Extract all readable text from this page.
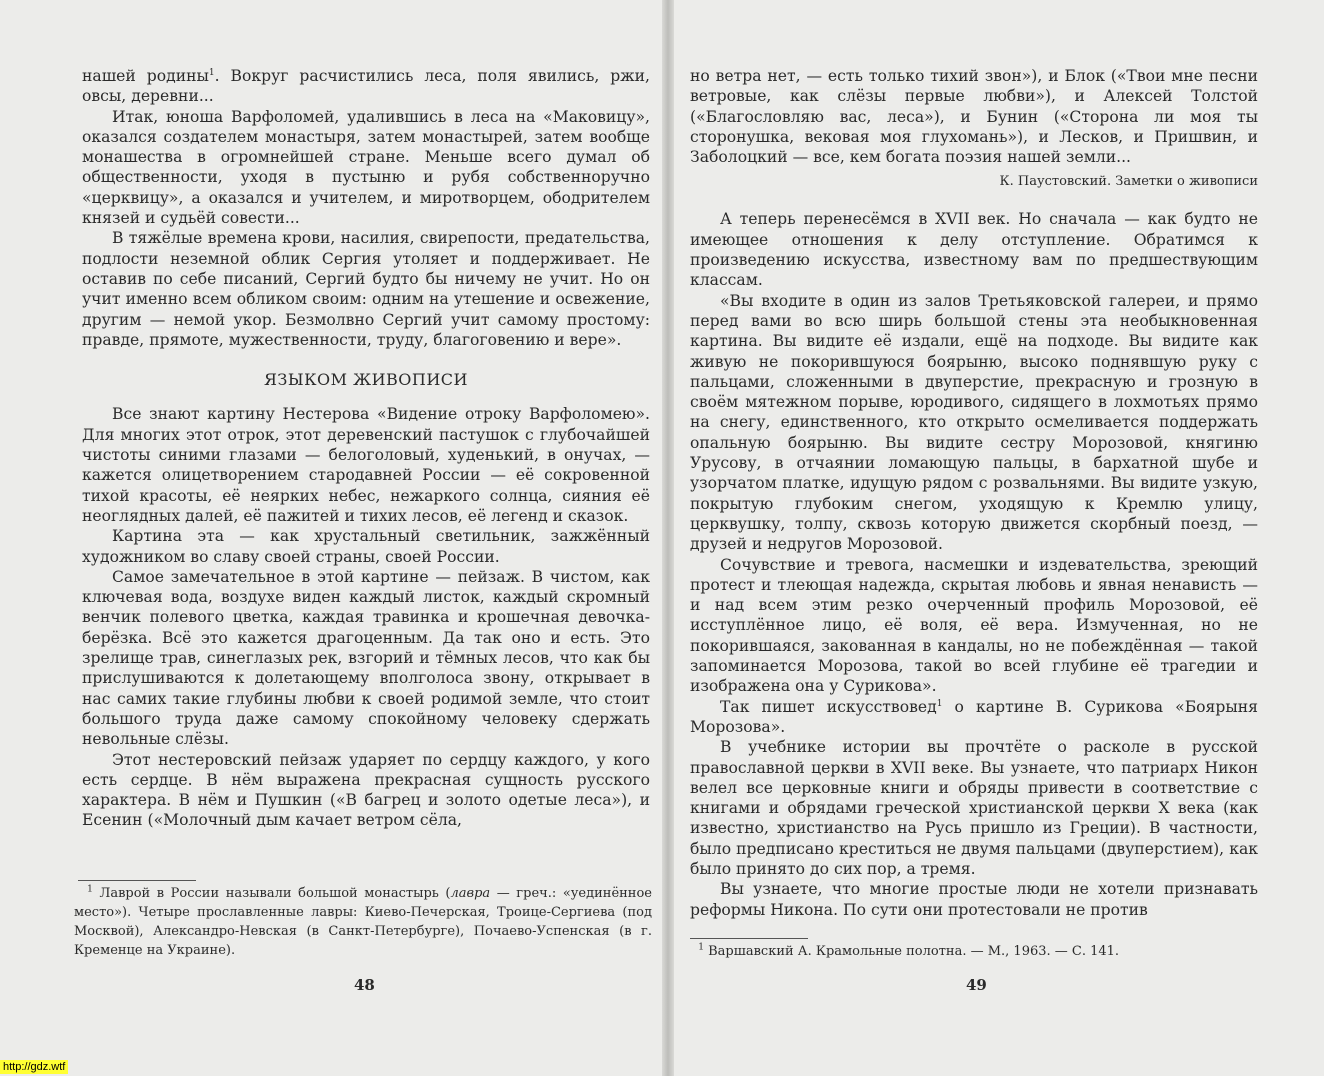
нашей родины$^1$. Вокруг расчистились леса, поля явились, ржи, овсы, деревни...

Итак, юноша Варфоломей, удалившись в леса на «Маковицу», оказался создателем монастыря, затем монастырей, затем вообще монашества в огромнейшей стране. Меньше всего думал об общественности, уходя в пустыню и рубя собственноручно «церквицу», а оказался и учителем, и миротворцем, ободрителем князей и судьёй совести...

В тяжёлые времена крови, насилия, свирепости, предательства, подлости неземной облик Сергия утоляет и поддерживает. Не оставив по себе писаний, Сергий будто бы ничему не учит. Но он учит именно всем обликом своим: одним на утешение и освежение, другим — немой укор. Безмолвно Сергий учит самому простому: правде, прямоте, мужественности, труду, благоговению и вере».

ЯЗЫКОМ ЖИВОПИСИ

Все знают картину Нестерова «Видение отроку Варфоломею». Для многих этот отрок, этот деревенский пастушок с глубочайшей чистоты синими глазами — белоголовый, худенький, в онучах, — кажется олицетворением стародавней России — её сокровенной тихой красоты, её неярких небес, нежаркого солнца, сияния её неоглядных далей, её пажитей и тихих лесов, её легенд и сказок.

Картина эта — как хрустальный светильник, зажжённый художником во славу своей страны, своей России.

Самое замечательное в этой картине — пейзаж. В чистом, как ключевая вода, воздухе виден каждый листок, каждый скромный венчик полевого цветка, каждая травинка и крошечная девочка-берёзка. Всё это кажется драгоценным. Да так оно и есть. Это зрелище трав, синеглазых рек, взгорий и тёмных лесов, что как бы прислушиваются к долетающему вполголоса звону, открывает в нас самих такие глубины любви к своей родимой земле, что стоит большого труда даже самому спокойному человеку сдержать невольные слёзы.

Этот нестеровский пейзаж ударяет по сердцу каждого, у кого есть сердце. В нём выражена прекрасная сущность русского характера. В нём и Пушкин («В багрец и золото одетые леса»), и Есенин («Молочный дым качает ветром сёла,

$^1$ Лаврой в России называли большой монастырь (лавра — греч.: «уединённое место»). Четыре прославленные лавры: Киево-Печерская, Троице-Сергиева (под Москвой), Александро-Невская (в Санкт-Петербурге), Почаево-Успенская (в г. Кременце на Украине).
48

но ветра нет, — есть только тихий звон»), и Блок («Твои мне песни ветровые, как слёзы первые любви»), и Алексей Толстой («Благословляю вас, леса»), и Бунин («Сторона ли моя ты сторонушка, вековая моя глухомань»), и Лесков, и Пришвин, и Заболоцкий — все, кем богата поэзия нашей земли...

К. Паустовский. Заметки о живописи

А теперь перенесёмся в XVII век. Но сначала — как будто не имеющее отношения к делу отступление. Обратимся к произведению искусства, известному вам по предшествующим классам.

«Вы входите в один из залов Третьяковской галереи, и прямо перед вами во всю ширь большой стены эта необыкновенная картина. Вы видите её издали, ещё на подходе. Вы видите как живую не покорившуюся боярыню, высоко поднявшую руку с пальцами, сложенными в двуперстие, прекрасную и грозную в своём мятежном порыве, юродивого, сидящего в лохмотьях прямо на снегу, единственного, кто открыто осмеливается поддержать опальную боярыню. Вы видите сестру Морозовой, княгиню Урусову, в отчаянии ломающую пальцы, в бархатной шубе и узорчатом платке, идущую рядом с розвальнями. Вы видите узкую, покрытую глубоким снегом, уходящую к Кремлю улицу, церквушку, толпу, сквозь которую движется скорбный поезд, — друзей и недругов Морозовой.

Сочувствие и тревога, насмешки и издевательства, зреющий протест и тлеющая надежда, скрытая любовь и явная ненависть — и над всем этим резко очерченный профиль Морозовой, её исступлённое лицо, её воля, её вера. Измученная, но не покорившаяся, закованная в кандалы, но не побеждённая — такой запоминается Морозова, такой во всей глубине её трагедии и изображена она у Сурикова».

Так пишет искусствовед$^1$ о картине В. Сурикова «Боярыня Морозова».

В учебнике истории вы прочтёте о расколе в русской православной церкви в XVII веке. Вы узнаете, что патриарх Никон велел все церковные книги и обряды привести в соответствие с книгами и обрядами греческой христианской церкви X века (как известно, христианство на Русь пришло из Греции). В частности, было предписано креститься не двумя пальцами (двуперстием), как было принято до сих пор, а тремя.

Вы узнаете, что многие простые люди не хотели признавать реформы Никона. По сути они протестовали не против

$^1$ Варшавский А. Крамольные полотна. — М., 1963. — С. 141.
49
http://gdz.wtf
